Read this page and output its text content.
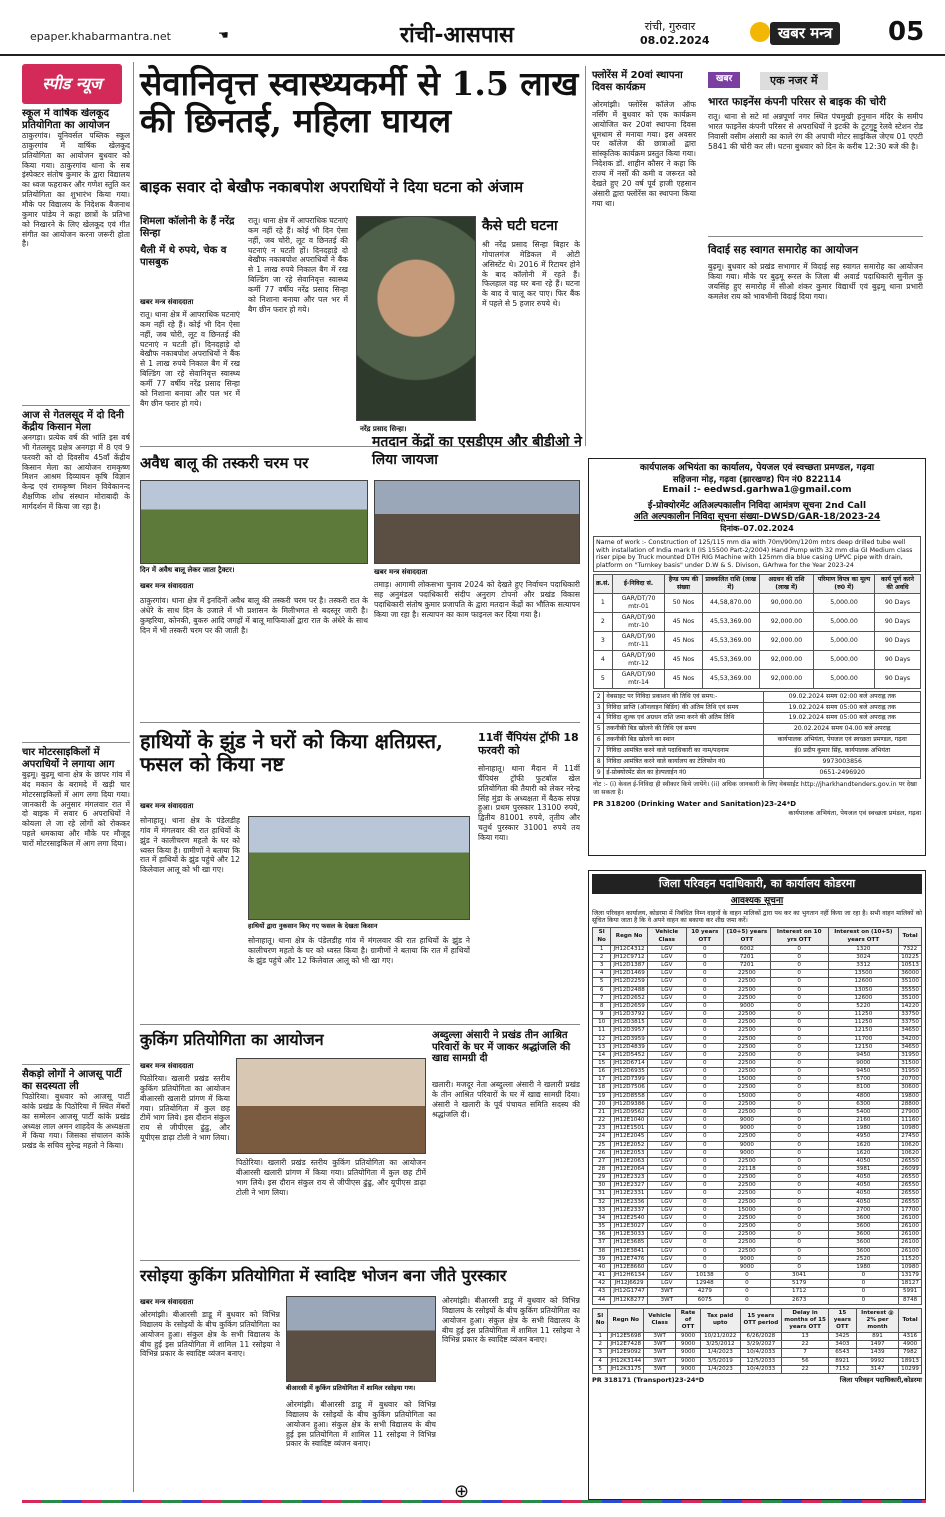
epaper.khabarmantra.net	☚	रांची-आसपास	रांची, गुरुवार
08.02.2024	खबर मन्त्र	05
स्पीड न्यूज
स्कूल में वार्षिक खेलकूद प्रतियोगिता का आयोजन
ठाकुरगांव। यूनिवर्सल पब्लिक स्कूल ठाकुरगांव में वार्षिक खेलकूद प्रतियोगिता का आयोजन बुधवार को किया गया। ठाकुरगांव थाना के सब इंस्पेक्टर संतोष कुमार के द्वारा विद्यालय का ध्वज फहराकर और गणेश स्तुति कर प्रतियोगिता का शुभारंभ किया गया। मौके पर विद्यालय के निदेशक बैजनाथ कुमार पांडेय ने कहा छात्रों के प्रतिभा को निखारने के लिए खेलकूद एवं गीत संगीत का आयोजन करना जरूरी होता है।
आज से गेतलसूद में दो दिनी केंद्रीय किसान मेला
अनगड़ा। प्रत्येक वर्ष की भांति इस वर्ष भी गेतलसूद प्रक्षेत्र अनगड़ा में 8 एवं 9 फरवरी को दो दिवसीय 45वाँ केंद्रीय किसान मेला का आयोजन रामकृष्ण मिशन आश्रम दिव्यायन कृषि विज्ञान केन्द्र एवं रामकृष्ण मिशन विवेकानन्द शैक्षणिक शोध संस्थान मोराबादी के मार्गदर्शन में किया जा रहा है।
चार मोटरसाइकिलों में अपराधियों ने लगाया आग
बुढ़मू। बुढ़मू थाना क्षेत्र के छापर गांव में बंद मकान के बरामदे में खड़ी चार मोटरसाइकिलों में आग लगा दिया गया। जानकारी के अनुसार मंगलवार रात में दो बाइक में सवार 6 अपराधियों ने कोयला ले जा रहे लोगों को रोककर पहले धमकाया और मौके पर मौजूद चारों मोटरसाइकिल में आग लगा दिया।
सैकड़ो लोगों ने आजसू पार्टी का सदस्यता ली
पिठोरिया। बुधवार को आजसू पार्टी कांके प्रखंड के पिठोरिया में स्थित मेंबरों का सम्मेलन आजसू पार्टी कांके प्रखंड अध्यक्ष लाल अमन शाहदेव के अध्यक्षता में किया गया। जिसका संचालन कांके प्रखंड के सचिव सुरेन्द्र महतो ने किया।
सेवानिवृत्त स्वास्थ्यकर्मी से 1.5 लाख की छिनतई, महिला घायल
बाइक सवार दो बेखौफ नकाबपोश अपराधियों ने दिया घटना को अंजाम
शिमला कॉलोनी के हैं नरेंद्र सिन्हा
थैली में थे रुपये, चेक व पासबुक
खबर मन्त्र संवाददाता
रातू। थाना क्षेत्र में आपराधिक घटनाएं कम नहीं रहे हैं। कोई भी दिन ऐसा नहीं, जब चोरी, लूट व छिनतई की घटनाएं न घटती हों। दिनदहाड़े दो बेखौफ नकाबपोश अपराधियों ने बैंक से 1 लाख रुपये निकाल बैग में रख बिल्डिंग जा रहे सेवानिवृत्त स्वास्थ्य कर्मी 77 वर्षीय नरेंद्र प्रसाद सिन्हा को निशाना बनाया और पल भर में बैग छीन फरार हो गये।
रातू। थाना क्षेत्र में आपराधिक घटनाएं कम नहीं रहे हैं। कोई भी दिन ऐसा नहीं, जब चोरी, लूट व छिनतई की घटनाएं न घटती हों। दिनदहाड़े दो बेखौफ नकाबपोश अपराधियों ने बैंक से 1 लाख रुपये निकाल बैग में रख बिल्डिंग जा रहे सेवानिवृत्त स्वास्थ्य कर्मी 77 वर्षीय नरेंद्र प्रसाद सिन्हा को निशाना बनाया और पल भर में बैग छीन फरार हो गये।
नरेंद्र प्रसाद सिन्हा।
कैसे घटी घटना
श्री नरेंद्र प्रसाद सिन्हा बिहार के गोपालगंज मेडिकल में ओटी असिस्टेंट थे। 2016 में रिटायर होने के बाद कॉलोनी में रहते हैं। फिलहाल वह घर बना रहे हैं। घटना के बाद वे चालू कर पाए। फिर बैंक में पहले से 5 हजार रुपये थे।
फ्लोरेंस में 20वां स्थापना दिवस कार्यक्रम
ओरमांझी। फ्लोरेंस कॉलेज ऑफ नर्सिंग में बुधवार को एक कार्यक्रम आयोजित कर 20वां स्थापना दिवस धूमधाम से मनाया गया। इस अवसर पर कॉलेज की छात्राओं द्वारा सांस्कृतिक कार्यक्रम प्रस्तुत किया गया। निदेशक डॉ. शाहीन कौसर ने कहा कि राज्य में नर्सों की कमी व जरूरत को देखते हुए 20 वर्ष पूर्व हाजी एहसान अंसारी द्वारा फ्लोरेंस का स्थापना किया गया था।
खबर	एक नजर में
भारत फाइनेंस कंपनी परिसर से बाइक की चोरी
रातू। थाना से सटे मां अन्नपूर्णा नगर स्थित पंचमुखी हनुमान मंदिर के समीप भारत फाइनेंस कंपनी परिसर से अपराधियों ने इटकी के टूटगुट्टू रेलवे स्टेशन रोड निवासी वसीम अंसारी का काले रंग की अपाची मोटर साइकिल जेएच 01 एएटी 5841 की चोरी कर ली। घटना बुधवार को दिन के करीब 12:30 बजे की है।
विदाई सह स्वागत समारोह का आयोजन
बुढ़मू। बुधवार को प्रखंड सभागार में विदाई सह स्वागत समारोह का आयोजन किया गया। मौके पर बुढ़मू रूरल के जिला बी अवार्ड पदाधिकारी सुनील कु जयसिंह हुए समारोह में सीओ शंकर कुमार विद्यार्थी एवं बुढ़मू थाना प्रभारी कमलेश राय को भावभीनी विदाई दिया गया।
अवैध बालू की तस्करी चरम पर
दिन में अवैध बालू लेकर जाता ट्रैक्टर।
खबर मन्त्र संवाददाता
ठाकुरगांव। थाना क्षेत्र में इनदिनों अवैध बालू की तस्करी चरम पर है। तस्करी रात के अंधेरे के साथ दिन के उजाले में भी प्रशासन के मिलीभगत से बदस्तूर जारी है। कुम्हरिया, कोनकी, बुकरु आदि जगहों में बालू माफियाओं द्वारा रात के अंधेरे के साथ दिन में भी तस्करी चरम पर की जाती है।
मतदान केंद्रों का एसडीएम और बीडीओ ने लिया जायजा
खबर मन्त्र संवाददाता
तमाड़। आगामी लोकसभा चुनाव 2024 को देखते हुए निर्वाचन पदाधिकारी सह अनुमंडल पदाधिकारी संदीप अनुराग टोपनो और प्रखंड विकास पदाधिकारी संतोष कुमार प्रजापति के द्वारा मतदान केंद्रों का भौतिक सत्यापन किया जा रहा है। सत्यापन का काम फाइनल कर दिया गया है।
हाथियों के झुंड ने घरों को किया क्षतिग्रस्त, फसल को किया नष्ट
खबर मन्त्र संवाददाता
सोनाहातू। थाना क्षेत्र के पंडेलडीह गांव में मंगलवार की रात हाथियों के झुंड ने कालीचरण महतो के घर को ध्वस्त किया है। ग्रामीणों ने बताया कि रात में हाथियों के झुंड पहुंचे और 12 किलेवाल आलू को भी खा गए।
हाथियों द्वारा नुकसान किए गए फसल के देखता किसान
सोनाहातू। थाना क्षेत्र के पंडेलडीह गांव में मंगलवार की रात हाथियों के झुंड ने कालीचरण महतो के घर को ध्वस्त किया है। ग्रामीणों ने बताया कि रात में हाथियों के झुंड पहुंचे और 12 किलेवाल आलू को भी खा गए।
11वीं चैंपियंस ट्रॉफी 18 फरवरी को
सोनाहातू। थाना मैदान में 11वीं चैंपियंस ट्रॉफी फुटबॉल खेल प्रतियोगिता की तैयारी को लेकर नरेन्द्र सिंह मुंडा के अध्यक्षता में बैठक संपन्न हुआ। प्रथम पुरस्कार 13100 रुपये, द्वितीय 81001 रुपये, तृतीय और चतुर्थ पुरस्कार 31001 रुपये तय किया गया।
कुकिंग प्रतियोगिता का आयोजन
खबर मन्त्र संवाददाता
पिठोरिया। खलारी प्रखंड स्तरीय कुकिंग प्रतियोगिता का आयोजन बीआरसी खलारी प्रांगण में किया गया। प्रतियोगिता में कुल छह टीमें भाग लिये। इस दौरान संकुल राय से जीपीएस ढुंढु, और यूपीएस डाढ़ा टोली ने भाग लिया।
पिठोरिया। खलारी प्रखंड स्तरीय कुकिंग प्रतियोगिता का आयोजन बीआरसी खलारी प्रांगण में किया गया। प्रतियोगिता में कुल छह टीमें भाग लिये। इस दौरान संकुल राय से जीपीएस ढुंढु, और यूपीएस डाढ़ा टोली ने भाग लिया।
अब्दुल्ला अंसारी ने प्रखंड तीन आश्रित परिवारों के घर में जाकर श्रद्धांजलि की खाद्य सामग्री दी
खलारी। मजदूर नेता अब्दुल्ला अंसारी ने खलारी प्रखंड के तीन आश्रित परिवारों के घर में खाद्य सामग्री दिया। अंसारी ने खलारी के पूर्व पंचायत समिति सदस्य की श्रद्धांजलि दी।
रसोइया कुकिंग प्रतियोगिता में स्वादिष्ट भोजन बना जीते पुरस्कार
खबर मन्त्र संवाददाता
ओरमांझी। बीआरसी डाडू में बुधवार को विभिन्न विद्यालय के रसोइयों के बीच कुकिंग प्रतियोगिता का आयोजन हुआ। संकुल क्षेत्र के सभी विद्यालय के बीच हुई इस प्रतियोगिता में शामिल 11 रसोइया ने विभिन्न प्रकार के स्वादिष्ट व्यंजन बनाए।
बीआरसी में कुकिंग प्रतियोगिता में शामिल रसोइया गण।
ओरमांझी। बीआरसी डाडू में बुधवार को विभिन्न विद्यालय के रसोइयों के बीच कुकिंग प्रतियोगिता का आयोजन हुआ। संकुल क्षेत्र के सभी विद्यालय के बीच हुई इस प्रतियोगिता में शामिल 11 रसोइया ने विभिन्न प्रकार के स्वादिष्ट व्यंजन बनाए।
ओरमांझी। बीआरसी डाडू में बुधवार को विभिन्न विद्यालय के रसोइयों के बीच कुकिंग प्रतियोगिता का आयोजन हुआ। संकुल क्षेत्र के सभी विद्यालय के बीच हुई इस प्रतियोगिता में शामिल 11 रसोइया ने विभिन्न प्रकार के स्वादिष्ट व्यंजन बनाए।
कार्यपालक अभियंता का कार्यालय, पेयजल एवं स्वच्छता प्रमण्डल, गढ़वा
सहिजना मोड़, गढ़वा (झारखण्ड) पिन नं0 822114
Email :- eedwsd.garhwa1@gmail.com
ई-प्रोक्योरमेंट अतिअल्पकालीन निविदा आमंत्रण सूचना 2nd Call
अति अल्पकालीन निविदा सूचना संख्या–DWSD/GAR-18/2023-24
दिनांक–07.02.2024
Name of work :- Construction of 125/115 mm dia with 70m/90m/120m mtrs deep drilled tube well with installation of India mark II (IS 15500 Part-2/2004) Hand Pump with 32 mm dia GI Medium class riser pipe by Truck mounted DTH RIG Machine with 125mm dia blue casing UPVC pipe with drain, platform on "Turnkey basis" under D.W & S. Divison, GArhwa for the Year 2023-24
क्र.सं.	ई-निविदा सं.	हैण्ड पम्प की संख्या	प्राक्कलित राशि (लाख में)	अग्रधन की राशि (लाख में)	परिमाण विपत्र का मूल्य (रु0 में)	कार्य पूर्ण करने की अवधि
1	GAR/DT/70 mtr-01	50 Nos	44,58,870.00	90,000.00	5,000.00	90 Days
2	GAR/DT/90 mtr-10	45 Nos	45,53,369.00	92,000.00	5,000.00	90 Days
3	GAR/DT/90 mtr-11	45 Nos	45,53,369.00	92,000.00	5,000.00	90 Days
4	GAR/DT/90 mtr-12	45 Nos	45,53,369.00	92,000.00	5,000.00	90 Days
5	GAR/DT/90 mtr-14	45 Nos	45,53,369.00	92,000.00	5,000.00	90 Days
2	वेबसाइट पर निविदा प्रकाशन की तिथि एवं समय:-	09.02.2024 समय 02:00 बजे अपराह्न तक
3	निविदा प्राप्ति (ऑनलाइन बिडिंग) की अंतिम तिथि एवं समय	19.02.2024 समय 05:00 बजे अपराह्न तक
4	निविदा शुल्क एवं अग्रधन राशि जमा करने की अंतिम तिथि	19.02.2024 समय 05:00 बजे अपराह्न तक
5	तकनीकी बिड खोलने की तिथि एवं समय	20.02.2024 समय 04.00 बजे अपराह्न
6	तकनीकी बिड खोलने का स्थान	कार्यपालक अभियंता, पेयजल एवं स्वच्छता प्रमण्डल, गढ़वा
7	निविदा आमंत्रित करने वाले पदाधिकारी का नाम/पदनाम	ई0 प्रदीप कुमार सिंह, कार्यपालक अभियंता
8	निविदा आमंत्रित करने वाले कार्यालय का टेलिफोन नं0	9973003856
9	ई-प्रोक्योरमेंट सेल का हेल्पलाईन नं0	0651-2496920
नोट :- (i) केवल ई-निविदा ही स्वीकार किये जायेंगे। (ii) अधिक जानकारी के लिए वेबसाईट http://jharkhandtenders.gov.in पर देखा जा सकता है।
PR 318200 (Drinking Water and Sanitation)23-24*D
कार्यपालक अभियंता, पेयजल एवं स्वच्छता प्रमंडल, गढ़वा
जिला परिवहन पदाधिकारी, का कार्यालय कोडरमा
आवश्यक सूचना
जिला परिवहन कार्यालय, कोडरमा में निबंधित निम्न वाहनों के वाहन मालिकों द्वारा पथ कर का भुगतान नहीं किया जा रहा है। सभी वाहन मालिकों को सूचित किया जाता है कि वे अपने वाहन का बकाया कर शीघ्र जमा करें।
Sl No	Regn No	Vehicle Class	10 years OTT	(10+5) years OTT	Interest on 10 yrs OTT	Interest on (10+5) years OTT	Total
1	JH12C4312	LGV	0	6002	0	1320	7322
2	JH12C9712	LGV	0	7201	0	3024	10225
3	JH12D1387	LGV	0	7201	0	3312	10513
4	JH12D1469	LGV	0	22500	0	13500	36000
5	JH12D2259	LGV	0	22500	0	12600	35100
6	JH12D2488	LGV	0	22500	0	13050	35550
7	JH12D2652	LGV	0	22500	0	12600	35100
8	JH12D2659	LGV	0	9000	0	5220	14220
9	JH12D3792	LGV	0	22500	0	11250	33750
10	JH12D3815	LGV	0	22500	0	11250	33750
11	JH12D3957	LGV	0	22500	0	12150	34650
12	JH12D3959	LGV	0	22500	0	11700	34200
13	JH12D4839	LGV	0	22500	0	12150	34650
14	JH12D5452	LGV	0	22500	0	9450	31950
15	JH12D6714	LGV	0	22500	0	9000	31500
16	JH12D6935	LGV	0	22500	0	9450	31950
17	JH12D7399	LGV	0	15000	0	5700	20700
18	JH12D7506	LGV	0	22500	0	8100	30600
19	JH12D8558	LGV	0	15000	0	4800	19800
20	JH12D9386	LGV	0	22500	0	6300	28800
21	JH12D9562	LGV	0	22500	0	5400	27900
22	JH12E1040	LGV	0	9000	0	2160	11160
23	JH12E1501	LGV	0	9000	0	1980	10980
24	JH12E2045	LGV	0	22500	0	4950	27450
25	JH12E2052	LGV	0	9000	0	1620	10620
26	JH12E2053	LGV	0	9000	0	1620	10620
27	JH12E2063	LGV	0	22500	0	4050	26550
28	JH12E2064	LGV	0	22118	0	3981	26099
29	JH12E2323	LGV	0	22500	0	4050	26550
30	JH12E2327	LGV	0	22500	0	4050	26550
31	JH12E2331	LGV	0	22500	0	4050	26550
32	JH12E2336	LGV	0	22500	0	4050	26550
33	JH12E2337	LGV	0	15000	0	2700	17700
34	JH12E2540	LGV	0	22500	0	3600	26100
35	JH12E3027	LGV	0	22500	0	3600	26100
36	JH12E3033	LGV	0	22500	0	3600	26100
37	JH12E3685	LGV	0	22500	0	3600	26100
38	JH12E3841	LGV	0	22500	0	3600	26100
39	JH12E7476	LGV	0	9000	0	2520	11520
40	JH12E8660	LGV	0	9000	0	1980	10980
41	JH12H6134	LGV	10138	0	3041	0	13179
42	JH12J6629	LGV	12948	0	5179	0	18127
43	JH12G1747	3WT	4279	0	1712	0	5991
44	JH12K8277	3WT	6075	0	2673	0	8748
Sl No	Regn No	Vehicle Class	Rate of OTT	Tax paid upto	15 years OTT period	Delay in months of 15 years OTT	15 years OTT	Interest @ 2% per month	Total
1	JH12E5698	3WT	9000	10/21/2022	6/26/2028	13	3425	891	4316
2	JH12E7428	3WT	9000	3/25/2012	3/29/2027	22	3403	1497	4900
3	JH12E9092	3WT	9000	1/4/2023	10/4/2033	7	6543	1439	7982
4	JH12K3144	3WT	9000	3/5/2019	12/5/2033	56	8921	9992	18913
5	JH12K3175	3WT	9000	1/4/2023	10/4/2033	22	7152	3147	10299
PR 318171 (Transport)23-24*D	जिला परिवहन पदाधिकारी,कोडरमा
⊕
